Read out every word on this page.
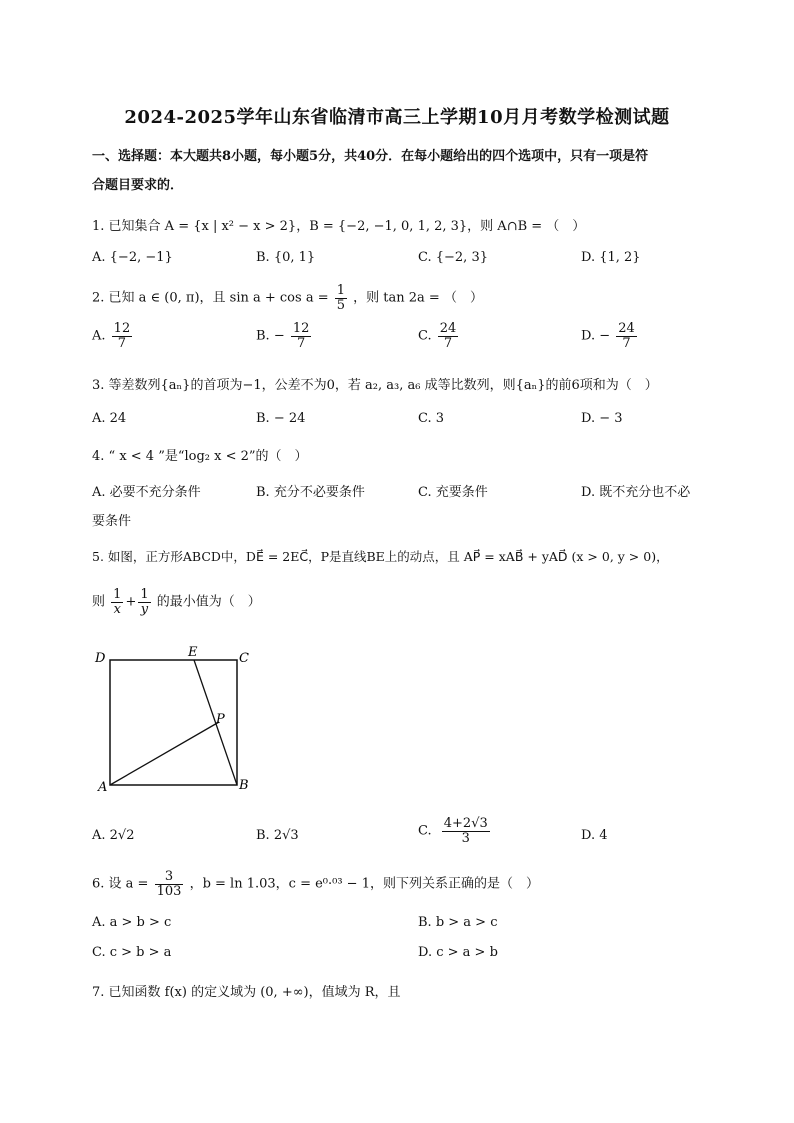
2024-2025学年山东省临清市高三上学期10月月考数学检测试题
一、选择题：本大题共8小题，每小题5分，共40分．在每小题给出的四个选项中，只有一项是符
合题目要求的．
1. 已知集合 A = {x | x² − x > 2}，B = {−2, −1, 0, 1, 2, 3}，则 A∩B = （　）
A. {−2, −1}	B. {0, 1}	C. {−2, 3}	D. {1, 2}
2. 已知 a ∈ (0, π)，且 $\sin a + \cos a = \frac{1}{5}$ ，则 tan 2a = （　）
A. $\frac{12}{7}$	B. − $\frac{12}{7}$	C. $\frac{24}{7}$	D. − $\frac{24}{7}$
3. 等差数列{aₙ}的首项为−1，公差不为0，若 a₂, a₃, a₆ 成等比数列，则{aₙ}的前6项和为（　）
A. 24	B. − 24	C. 3	D. − 3
4. “ x < 4 ”是“log₂ x < 2”的（　）
A. 必要不充分条件	B. 充分不必要条件	C. 充要条件	D. 既不充分也不必
要条件
5. 如图，正方形ABCD中，DE⃗ = 2EC⃗，P是直线BE上的动点，且 AP⃗ = xAB⃗ + yAD⃗ (x > 0, y > 0)，
则 $\frac{1}{x} + \frac{1}{y}$ 的最小值为（　）
D	E	C
P
A	B
A. 2√2	B. 2√3	C. $\frac{4+2√3}{3}$	D. 4
6. 设 $a = \frac{3}{103}$ ，b = ln 1.03，c = e⁰·⁰³ − 1，则下列关系正确的是（　）
A. a > b > c	B. b > a > c
C. c > b > a	D. c > a > b
7. 已知函数 f(x) 的定义域为 (0, +∞)，值域为 R，且
